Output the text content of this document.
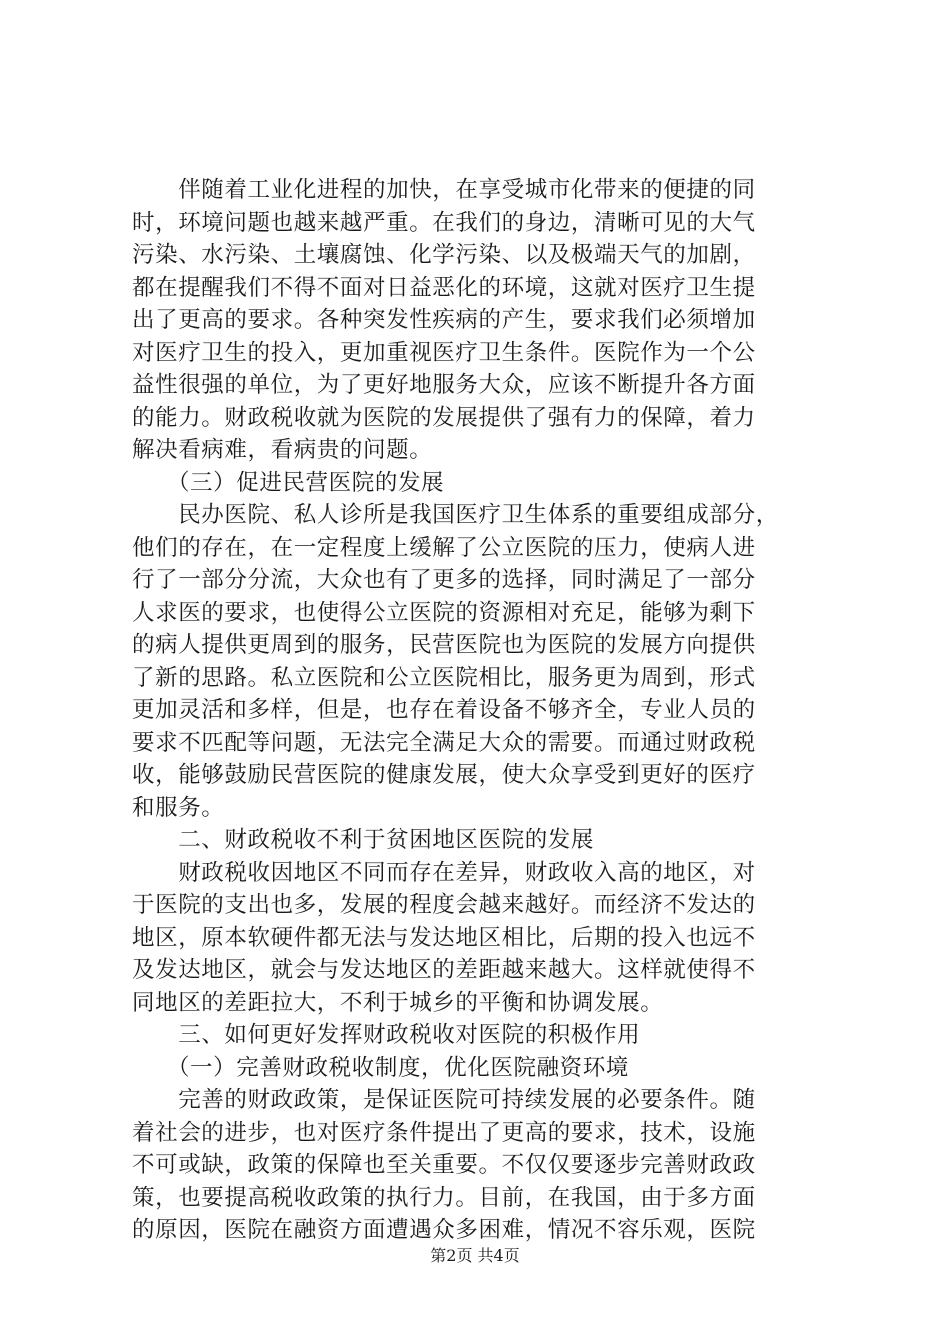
　　伴随着工业化进程的加快，在享受城市化带来的便捷的同
时，环境问题也越来越严重。在我们的身边，清晰可见的大气
污染、水污染、土壤腐蚀、化学污染、以及极端天气的加剧，
都在提醒我们不得不面对日益恶化的环境，这就对医疗卫生提
出了更高的要求。各种突发性疾病的产生，要求我们必须增加
对医疗卫生的投入，更加重视医疗卫生条件。医院作为一个公
益性很强的单位，为了更好地服务大众，应该不断提升各方面
的能力。财政税收就为医院的发展提供了强有力的保障，着力
解决看病难，看病贵的问题。
　　（三）促进民营医院的发展
　　民办医院、私人诊所是我国医疗卫生体系的重要组成部分，
他们的存在，在一定程度上缓解了公立医院的压力，使病人进
行了一部分分流，大众也有了更多的选择，同时满足了一部分
人求医的要求，也使得公立医院的资源相对充足，能够为剩下
的病人提供更周到的服务，民营医院也为医院的发展方向提供
了新的思路。私立医院和公立医院相比，服务更为周到，形式
更加灵活和多样，但是，也存在着设备不够齐全，专业人员的
要求不匹配等问题，无法完全满足大众的需要。而通过财政税
收，能够鼓励民营医院的健康发展，使大众享受到更好的医疗
和服务。
　　二、财政税收不利于贫困地区医院的发展
　　财政税收因地区不同而存在差异，财政收入高的地区，对
于医院的支出也多，发展的程度会越来越好。而经济不发达的
地区，原本软硬件都无法与发达地区相比，后期的投入也远不
及发达地区，就会与发达地区的差距越来越大。这样就使得不
同地区的差距拉大，不利于城乡的平衡和协调发展。
　　三、如何更好发挥财政税收对医院的积极作用
　　（一）完善财政税收制度，优化医院融资环境
　　完善的财政政策，是保证医院可持续发展的必要条件。随
着社会的进步，也对医疗条件提出了更高的要求，技术，设施
不可或缺，政策的保障也至关重要。不仅仅要逐步完善财政政
策，也要提高税收政策的执行力。目前，在我国，由于多方面
的原因，医院在融资方面遭遇众多困难，情况不容乐观，医院
第2页 共4页
